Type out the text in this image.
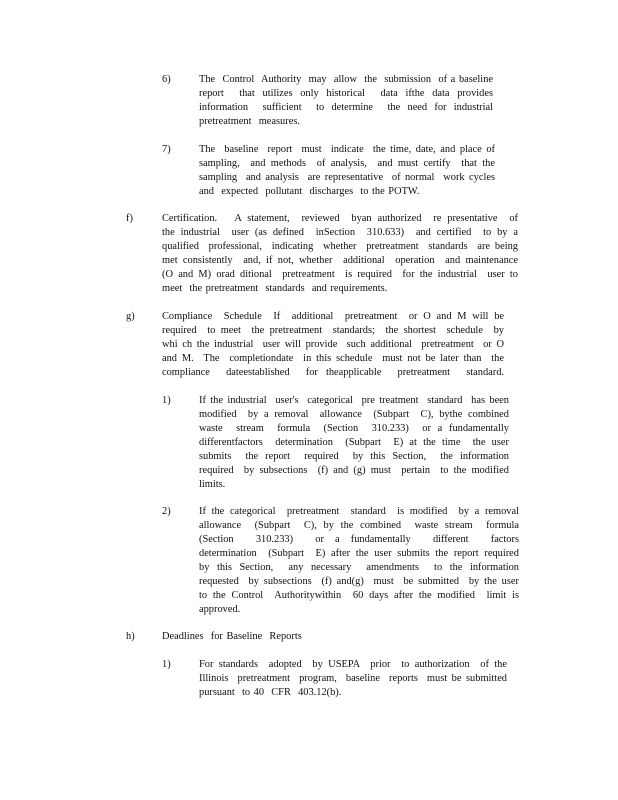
6)	The  Control  Authority  may  allow  the  submission  of a baseline
report  that utilizes only historical  data ifthe data provides
information  sufficient  to determine  the need for industrial
pretreatment  measures.
7)	The  baseline  report  must  indicate  the time, date, and place of
sampling,  and methods  of analysis,  and must certify  that the
sampling  and analysis  are representative  of normal  work cycles
and  expected  pollutant  discharges  to the POTW.
f)	Certification.   A statement,  reviewed  byan authorized  re presentative  of
the industrial  user (as defined  inSection  310.633)  and certified  to by a
qualified  professional,  indicating  whether  pretreatment  standards  are being
met consistently  and, if not, whether  additional  operation  and maintenance
(O and M) orad ditional  pretreatment  is required  for the industrial  user to
meet  the pretreatment  standards  and requirements.
g)	Compliance  Schedule  If  additional  pretreatment  or O and M will be
required  to meet  the pretreatment  standards;  the shortest  schedule  by
whi ch the industrial  user will provide  such additional  pretreatment  or O
and M.  The  completiondate  in this schedule  must not be later than  the
compliance  dateestablished  for theapplicable  pretreatment  standard.
1)	If the industrial  user's  categorical  pre treatment  standard  has been
modified  by a removal  allowance  (Subpart  C), bythe combined
waste  stream  formula  (Section  310.233)  or a fundamentally
differentfactors  determination  (Subpart  E) at the time  the user
submits  the report  required  by this Section,  the information
required  by subsections  (f) and (g) must  pertain  to the modified
limits.
2)	If the categorical  pretreatment  standard  is modified  by a removal
allowance  (Subpart  C), by the combined  waste stream  formula
(Section  310.233)  or a fundamentally  different  factors
determination  (Subpart  E) after the user submits the report required
by this Section,  any necessary  amendments  to the information
requested  by subsections  (f) and(g)  must  be submitted  by the user
to the Control  Authoritywithin  60 days after the modified  limit is
approved.
h)	Deadlines  for Baseline  Reports
1)	For standards  adopted  by USEPA  prior  to authorization  of the
Illinois  pretreatment  program,  baseline  reports  must be submitted
pursuant  to 40  CFR  403.12(b).
